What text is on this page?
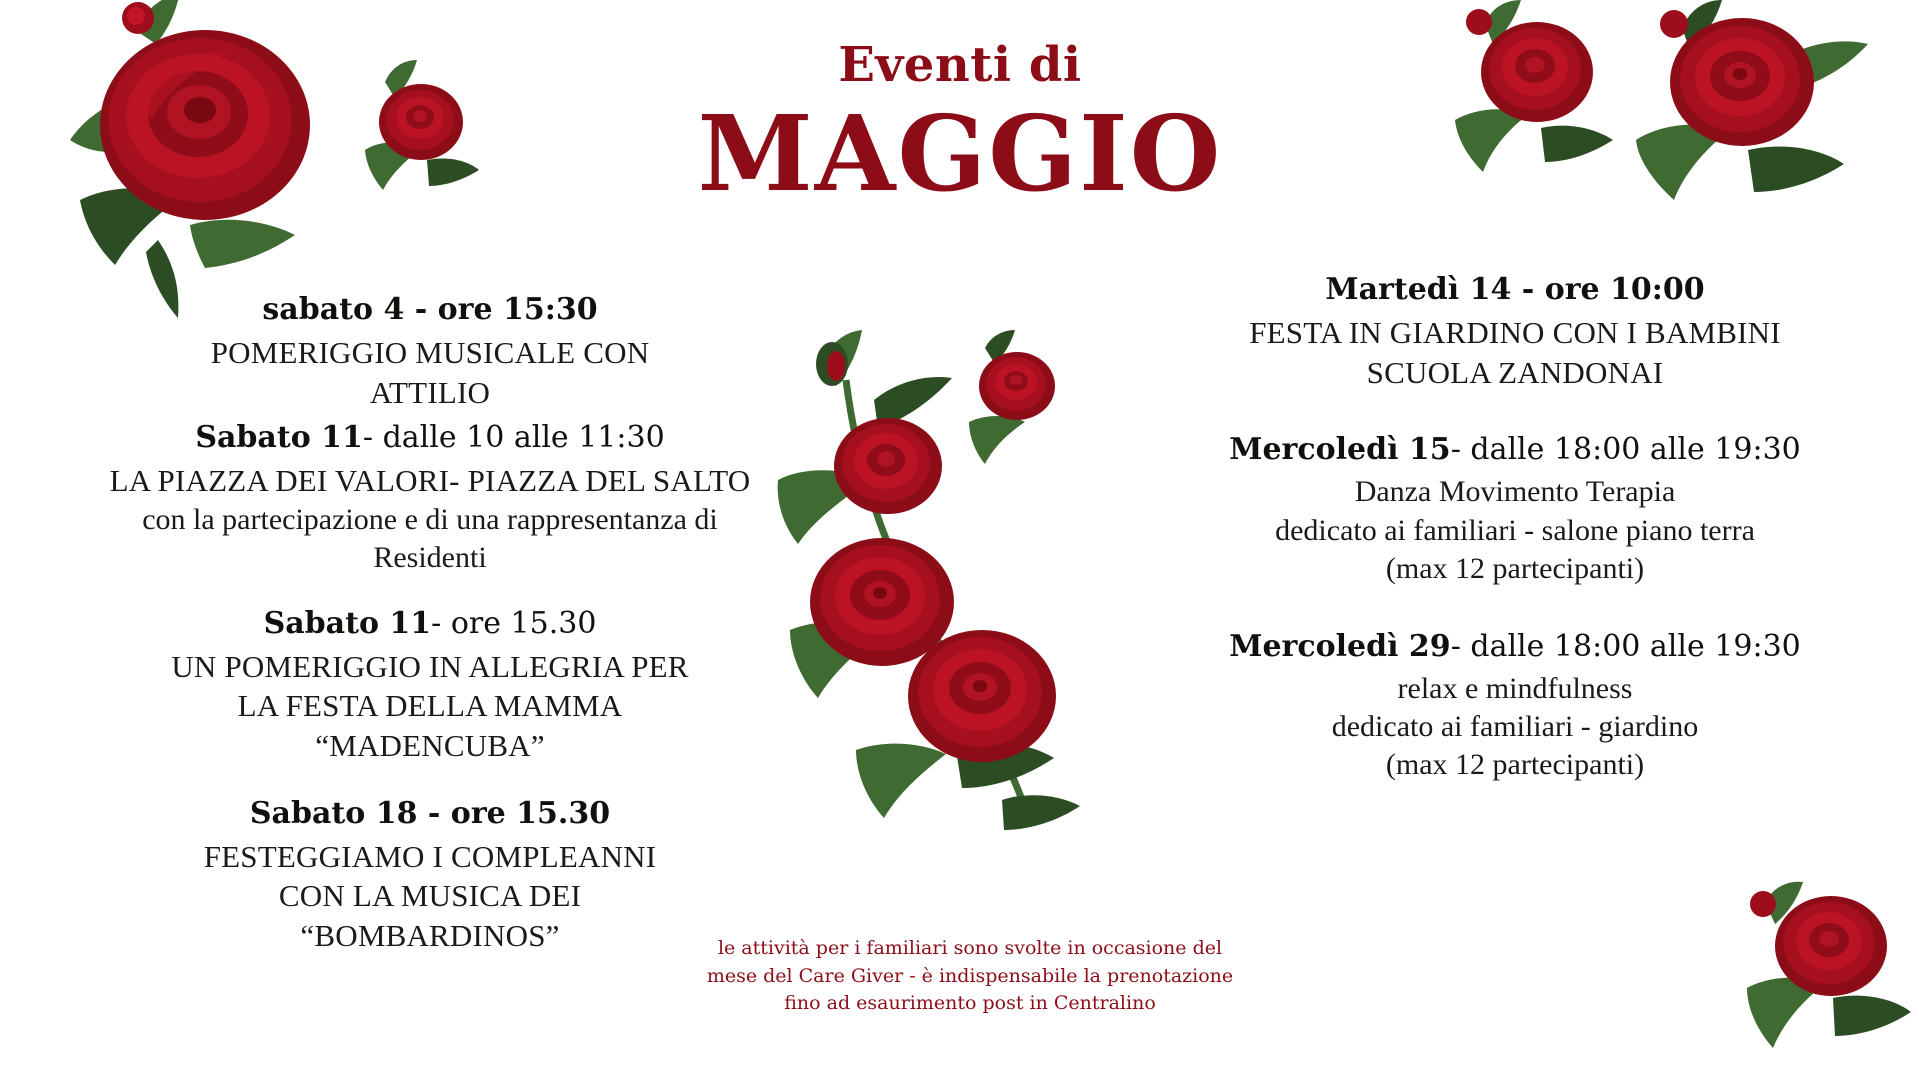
Eventi di
MAGGIO
sabato 4 - ore 15:30
POMERIGGIO MUSICALE CON
ATTILIO
Sabato 11- dalle 10 alle 11:30
LA PIAZZA DEI VALORI- PIAZZA DEL SALTO
con la partecipazione e di una rappresentanza di
Residenti
Sabato 11- ore 15.30
UN POMERIGGIO IN ALLEGRIA PER
LA FESTA DELLA MAMMA
“MADENCUBA”
Sabato 18 - ore 15.30
FESTEGGIAMO I COMPLEANNI
CON LA MUSICA DEI
“BOMBARDINOS”
Martedì 14 - ore 10:00
FESTA IN GIARDINO CON I BAMBINI
SCUOLA ZANDONAI
Mercoledì 15- dalle 18:00 alle 19:30
Danza Movimento Terapia
dedicato ai familiari - salone piano terra
(max 12 partecipanti)
Mercoledì 29- dalle 18:00 alle 19:30
relax e mindfulness
dedicato ai familiari - giardino
(max 12 partecipanti)
le attività per i familiari sono svolte in occasione del
mese del Care Giver - è indispensabile la prenotazione
fino ad esaurimento post in Centralino
